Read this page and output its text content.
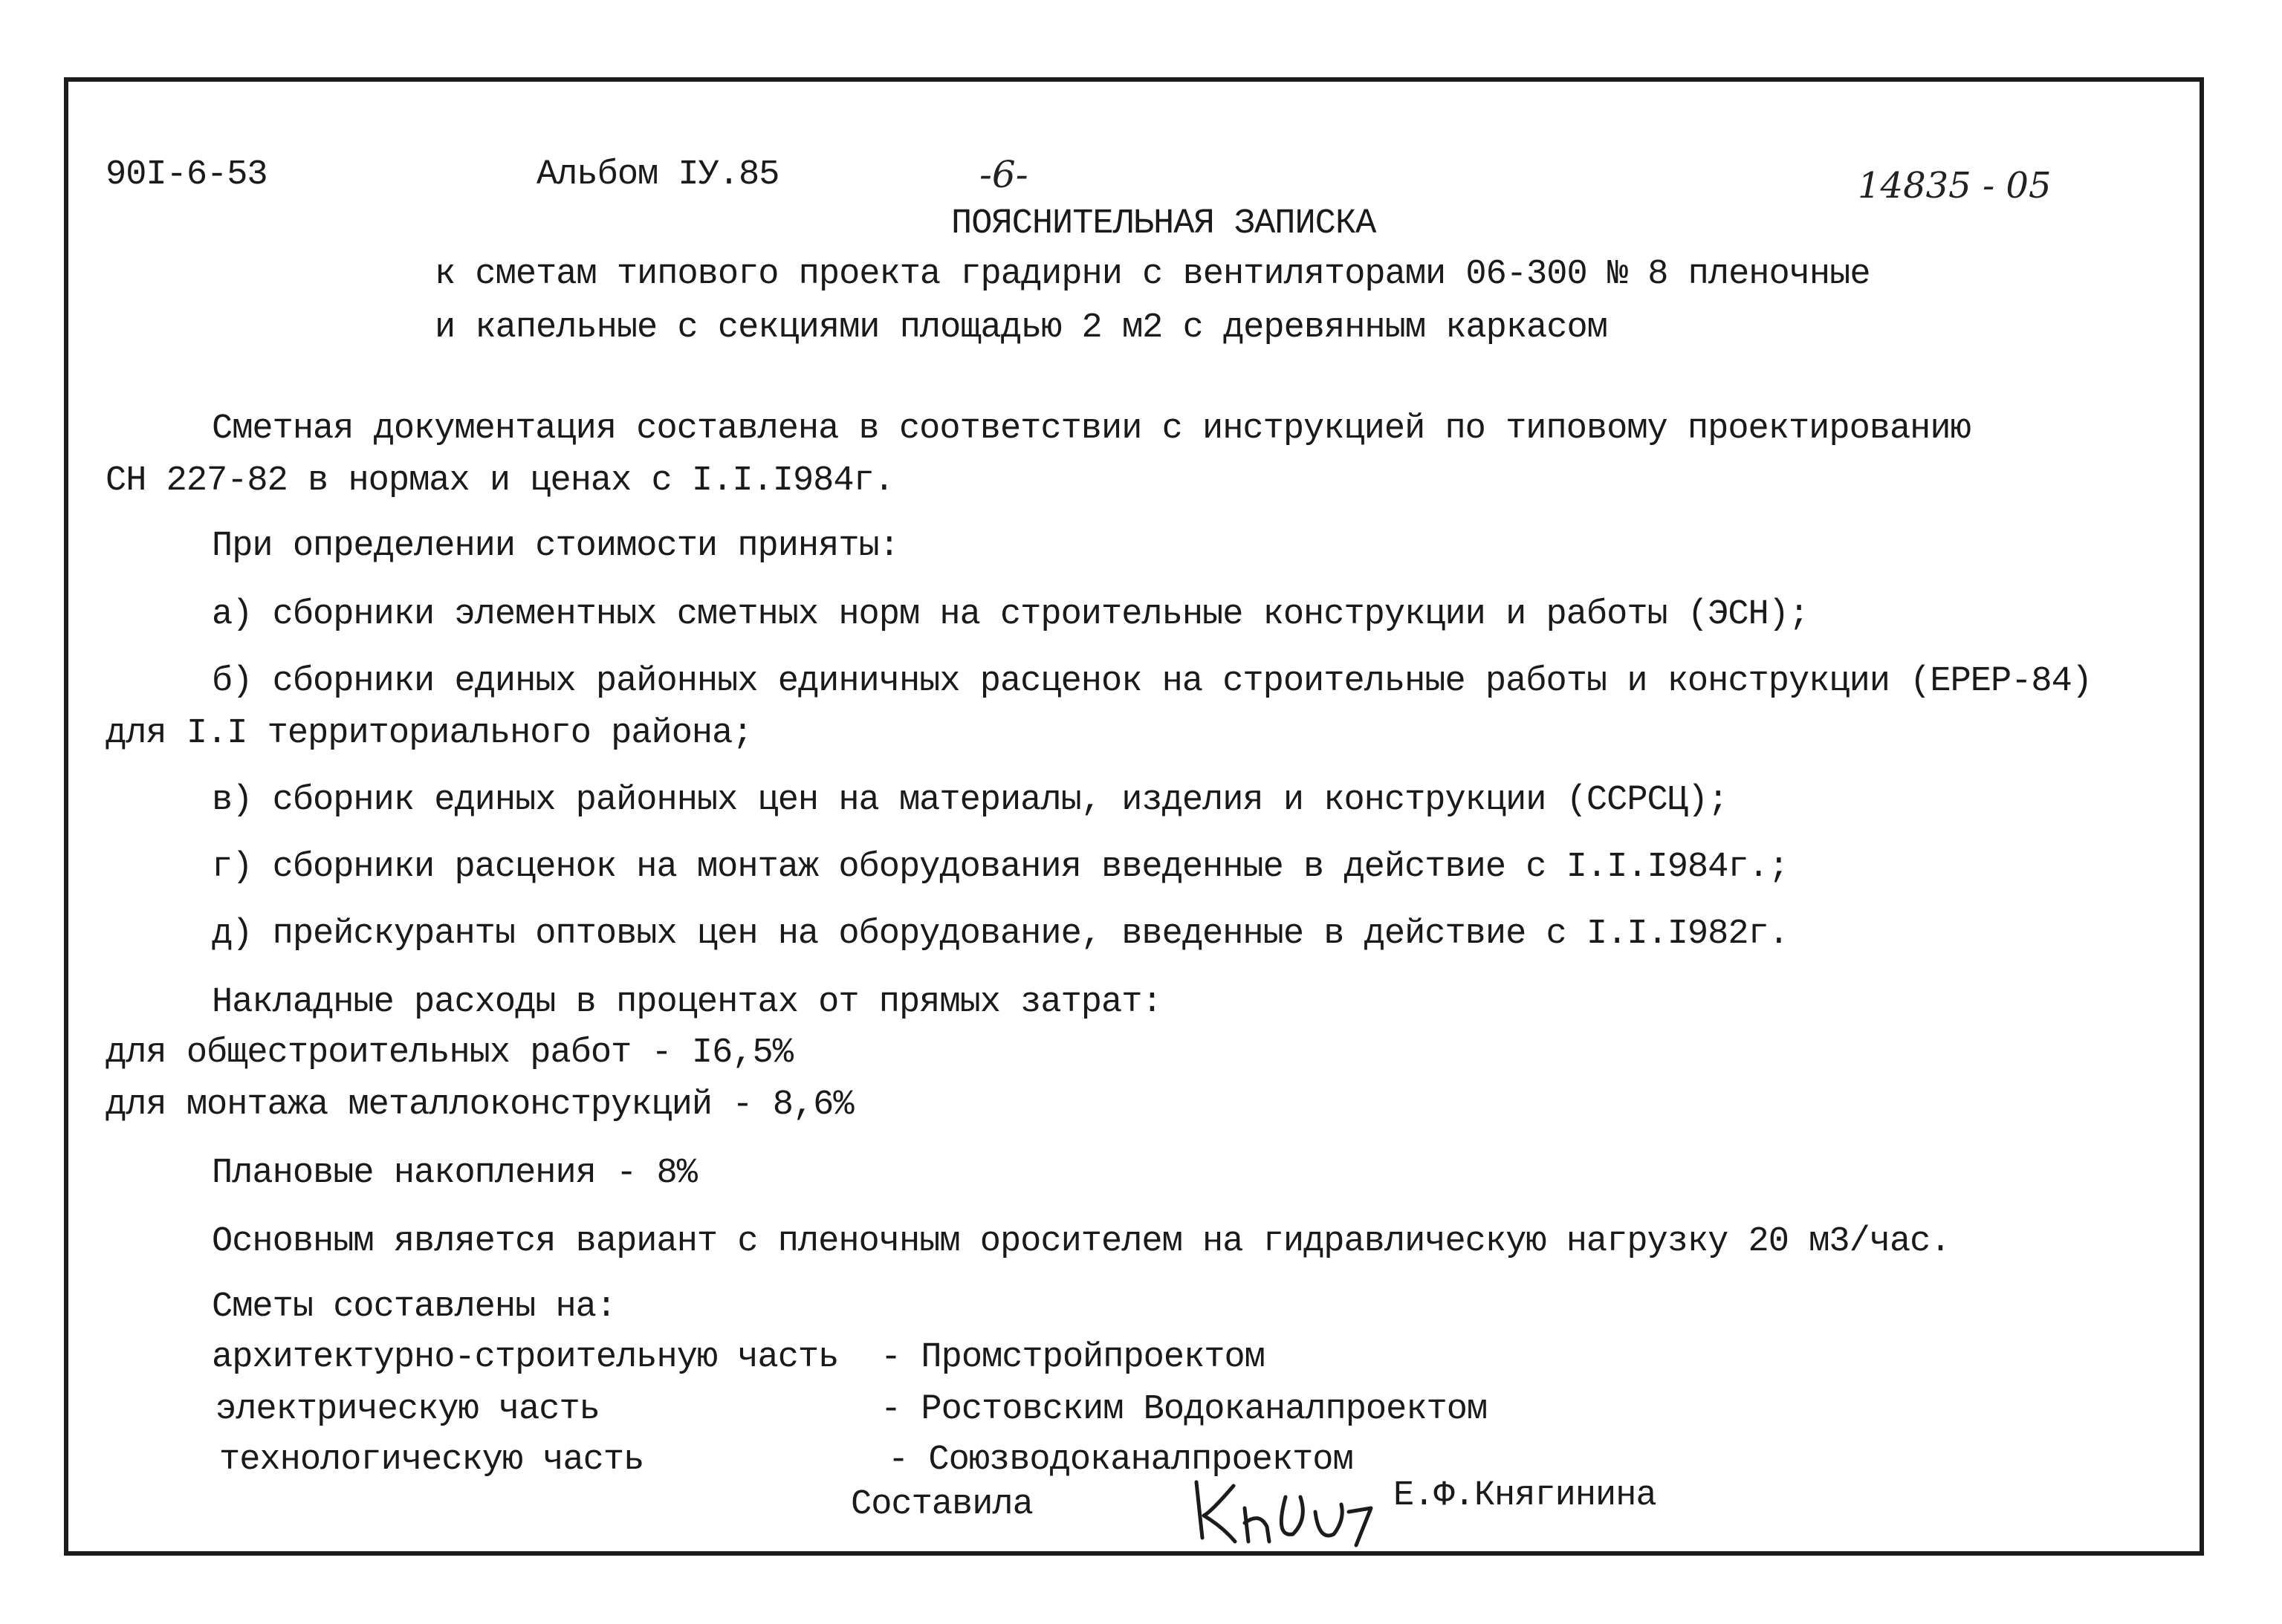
90I-6-53	Альбом IУ.85	-6-	14835 - 05
ПОЯСНИТЕЛЬНАЯ ЗАПИСКА
к сметам типового проекта градирни с вентиляторами 06-300 № 8 пленочные
и капельные с секциями площадью 2 м2 с деревянным каркасом
Сметная документация составлена в соответствии с инструкцией по типовому проектированию
СН 227-82 в нормах и ценах с I.I.I984г.
При определении стоимости приняты:
а) сборники элементных сметных норм на строительные конструкции и работы (ЭСН);
б) сборники единых районных единичных расценок на строительные работы и конструкции (ЕРЕР-84)
для I.I территориального района;
в) сборник единых районных цен на материалы, изделия и конструкции (ССРСЦ);
г) сборники расценок на монтаж оборудования введенные в действие с I.I.I984г.;
д) прейскуранты оптовых цен на оборудование, введенные в действие с I.I.I982г.
Накладные расходы в процентах от прямых затрат:
для общестроительных работ - I6,5%
для монтажа металлоконструкций - 8,6%
Плановые накопления - 8%
Основным является вариант с пленочным оросителем на гидравлическую нагрузку 20 м3/час.
Сметы составлены на:
архитектурно-строительную часть - Промстройпроектом
электрическую часть	- Ростовским Водоканалпроектом
технологическую часть	- Союзводоканалпроектом
Составила	Е.Ф.Княгинина
